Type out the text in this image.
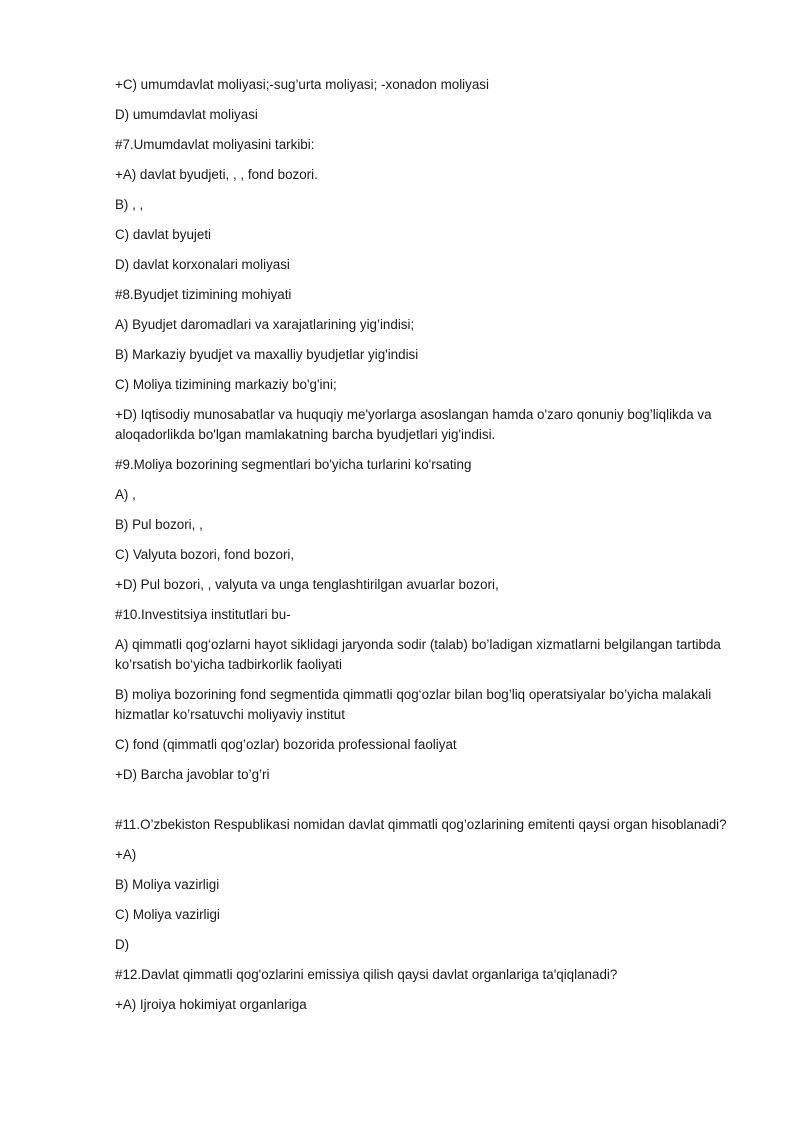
+C) umumdavlat moliyasi;-sug’urta moliyasi; -xonadon moliyasi

D) umumdavlat moliyasi

#7.Umumdavlat moliyasini tarkibi:

+A) davlat byudjeti, , , fond bozori.

B) , ,

C) davlat byujeti

D) davlat korxonalari moliyasi

#8.Byudjet tizimining mohiyati

A) Byudjet daromadlari va xarajatlarining yig’indisi;

B) Markaziy byudjet va maxalliy byudjetlar yig'indisi

C) Moliya tizimining markaziy bo'g'ini;

+D) Iqtisodiy munosabatlar va huquqiy me'yorlarga asoslangan hamda o'zaro qonuniy bog’liqlikda va aloqadorlikda bo'lgan mamlakatning barcha byudjetlari yig'indisi.

#9.Moliya bozorining segmentlari bo'yicha turlarini ko'rsating

A) ,

B) Pul bozori, ,

C) Valyuta bozori, fond bozori,

+D) Pul bozori, , valyuta va unga tenglashtirilgan avuarlar bozori,

#10.Investitsiya institutlari bu-

A) qimmatli qog‘ozlarni hayot siklidagi jaryonda sodir (talab) bo’ladigan xizmatlarni belgilangan tartibda ko’rsatish bo‘yicha tadbirkorlik faoliyati

B) moliya bozorining fond segmentida qimmatli qog‘ozlar bilan bog’liq operatsiyalar bo’yicha malakali hizmatlar ko’rsatuvchi moliyaviy institut

C) fond (qimmatli qog’ozlar) bozorida professional faoliyat

+D) Barcha javoblar to’g’ri

#11.O’zbekiston Respublikasi nomidan davlat qimmatli qog’ozlarining emitenti qaysi organ hisoblanadi?

+A)

B) Moliya vazirligi

C) Moliya vazirligi

D)

#12.Davlat qimmatli qog'ozlarini emissiya qilish qaysi davlat organlariga ta'qiqlanadi?

+A) Ijroiya hokimiyat organlariga
